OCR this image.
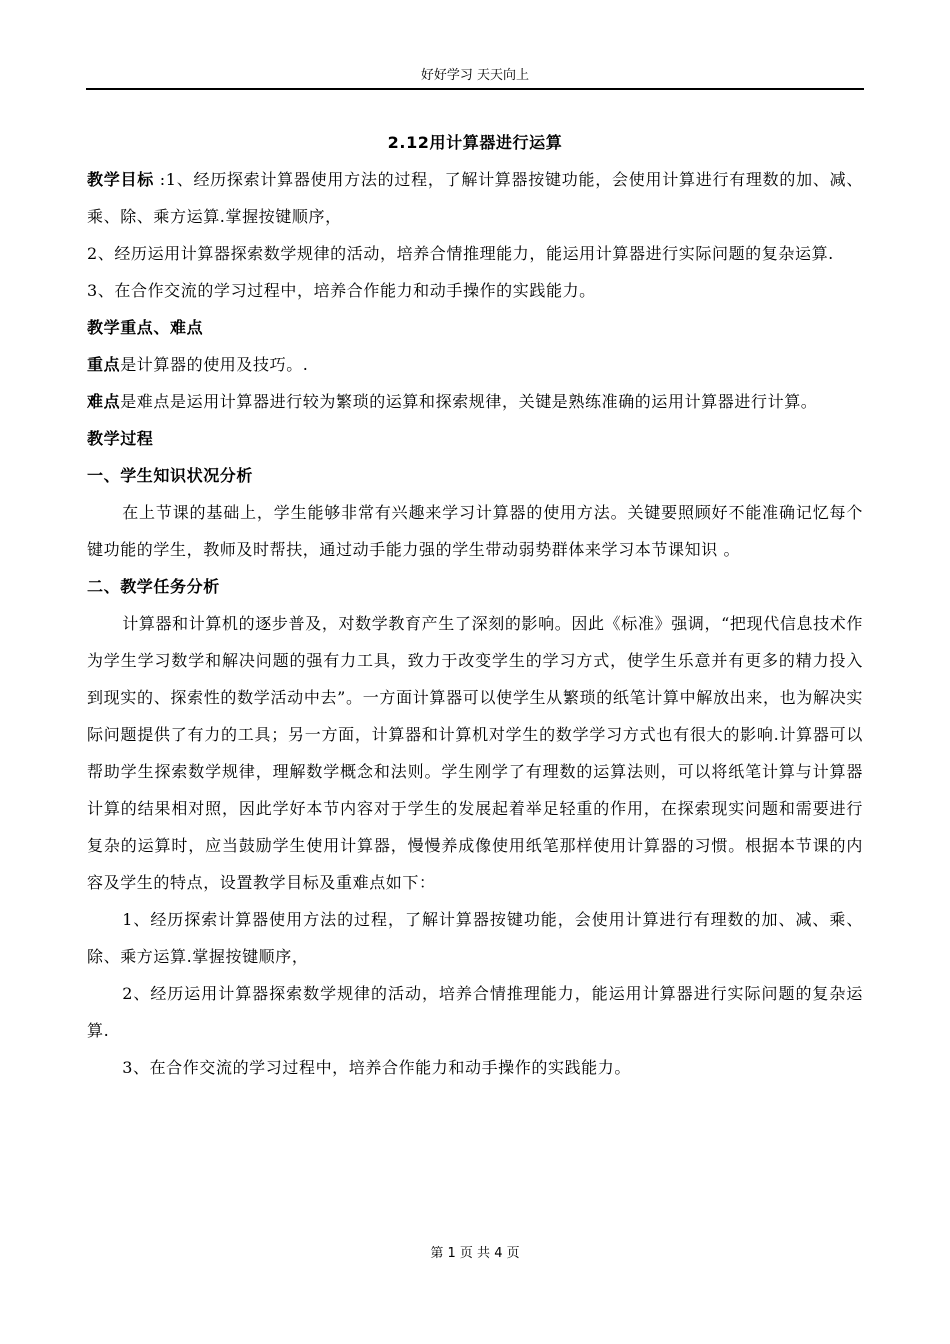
好好学习 天天向上

2.12用计算器进行运算

教学目标 :1、经历探索计算器使用方法的过程，了解计算器按键功能，会使用计算进行有理数的加、减、乘、除、乘方运算.掌握按键顺序，

2、经历运用计算器探索数学规律的活动，培养合情推理能力，能运用计算器进行实际问题的复杂运算.

3、在合作交流的学习过程中，培养合作能力和动手操作的实践能力。

教学重点、难点

重点是计算器的使用及技巧。.

难点是难点是运用计算器进行较为繁琐的运算和探索规律，关键是熟练准确的运用计算器进行计算。

教学过程

一、学生知识状况分析

在上节课的基础上，学生能够非常有兴趣来学习计算器的使用方法。关键要照顾好不能准确记忆每个键功能的学生，教师及时帮扶，通过动手能力强的学生带动弱势群体来学习本节课知识 。

二、教学任务分析

计算器和计算机的逐步普及，对数学教育产生了深刻的影响。因此《标准》强调，“把现代信息技术作为学生学习数学和解决问题的强有力工具，致力于改变学生的学习方式，使学生乐意并有更多的精力投入到现实的、探索性的数学活动中去”。一方面计算器可以使学生从繁琐的纸笔计算中解放出来，也为解决实际问题提供了有力的工具；另一方面，计算器和计算机对学生的数学学习方式也有很大的影响.计算器可以帮助学生探索数学规律，理解数学概念和法则。学生刚学了有理数的运算法则，可以将纸笔计算与计算器计算的结果相对照，因此学好本节内容对于学生的发展起着举足轻重的作用，在探索现实问题和需要进行复杂的运算时，应当鼓励学生使用计算器，慢慢养成像使用纸笔那样使用计算器的习惯。根据本节课的内容及学生的特点，设置教学目标及重难点如下：

1、经历探索计算器使用方法的过程，了解计算器按键功能，会使用计算进行有理数的加、减、乘、除、乘方运算.掌握按键顺序，

2、经历运用计算器探索数学规律的活动，培养合情推理能力，能运用计算器进行实际问题的复杂运算.

3、在合作交流的学习过程中，培养合作能力和动手操作的实践能力。

第 1 页 共 4 页
